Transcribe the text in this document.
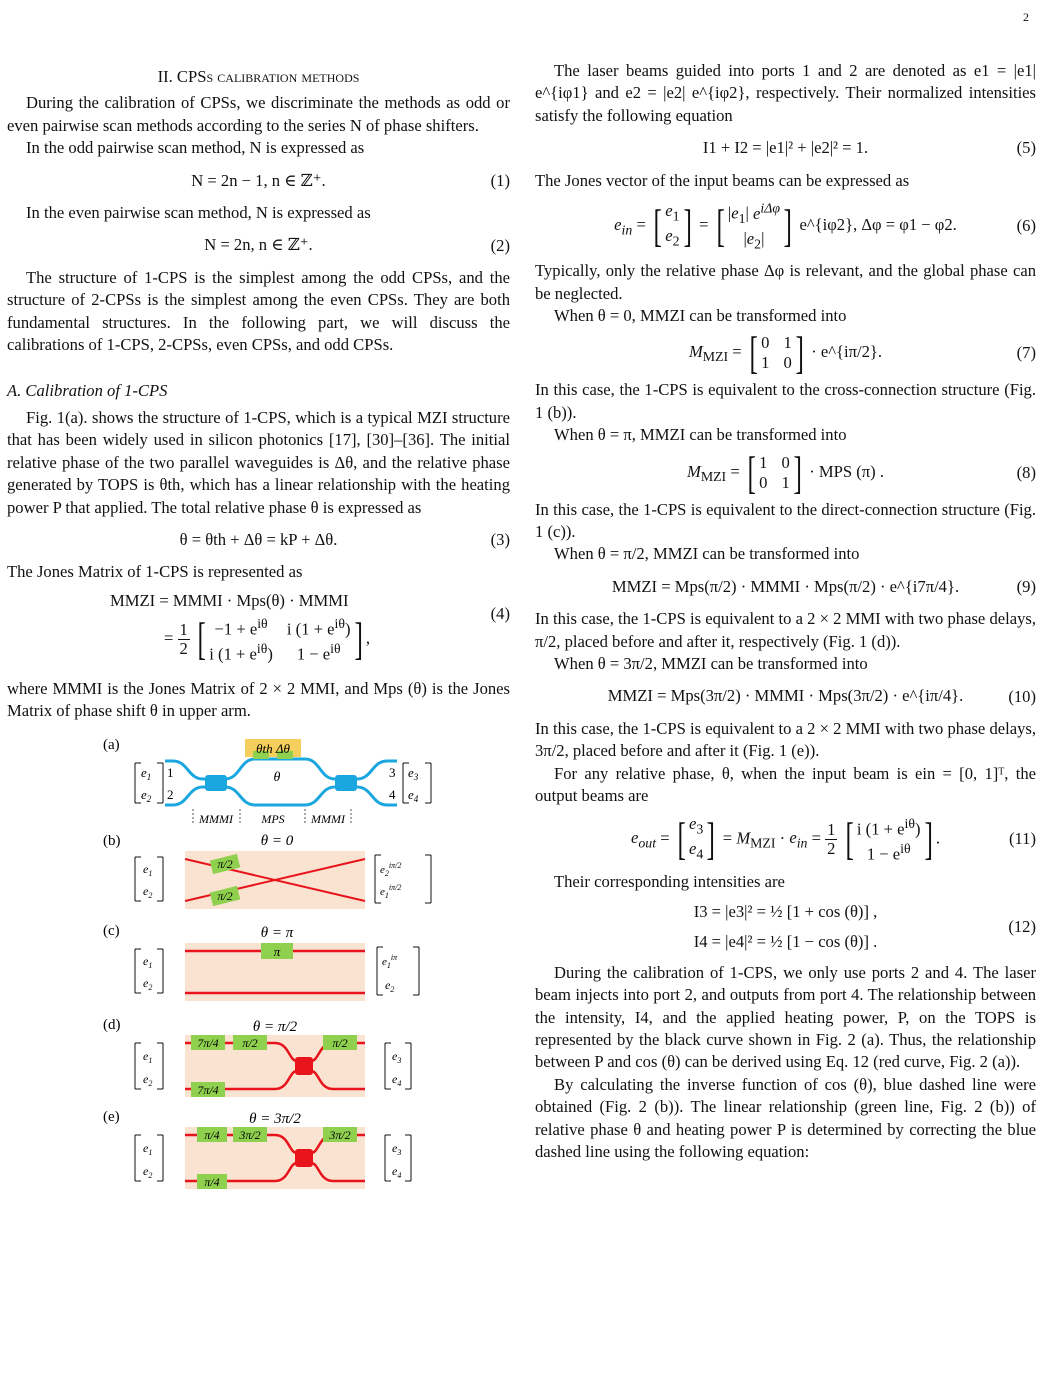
2

II. CPSs calibration methods

During the calibration of CPSs, we discriminate the methods as odd or even pairwise scan methods according to the series N of phase shifters.

In the odd pairwise scan method, N is expressed as

N = 2n − 1, n ∈ ℤ⁺.	(1)

In the even pairwise scan method, N is expressed as

N = 2n, n ∈ ℤ⁺.	(2)

The structure of 1-CPS is the simplest among the odd CPSs, and the structure of 2-CPSs is the simplest among the even CPSs. They are both fundamental structures. In the following part, we will discuss the calibrations of 1-CPS, 2-CPSs, even CPSs, and odd CPSs.

A. Calibration of 1-CPS

Fig. 1(a). shows the structure of 1-CPS, which is a typical MZI structure that has been widely used in silicon photonics [17], [30]–[36]. The initial relative phase of the two parallel waveguides is Δθ, and the relative phase generated by TOPS is θth, which has a linear relationship with the heating power P that applied. The total relative phase θ is expressed as

θ = θth + Δθ = kP + Δθ.	(3)

The Jones Matrix of 1-CPS is represented as

MMZI = MMMI · Mps(θ) · MMMI
= $\frac{1}{2}$
[ $-1 + e^{i\theta}$	i $(1 + e^{i\theta})$
i $(1 + e^{i\theta})$	$1 - e^{i\theta}$ ] ,
(4)

where MMMI is the Jones Matrix of 2 × 2 MMI, and Mps (θ) is the Jones Matrix of phase shift θ in upper arm.

(a)
$e_1$
$e_2$
1
2
θth Δθ
θ	3
4
$e_3$
$e_4$
MMMI MPS MMMI
(b)	θ = 0
π/2
π/2
$e_1$
$e_2$
$e_2^{i\pi/2}$
$e_1^{i\pi/2}$
(c)	θ = π
π
$e_1$
$e_2$
$e_1^{i\pi}$
$e_2$
(d)	θ = π/2
7π/4 π/2	π/2
7π/4
$e_1$
$e_2$
$e_3$
$e_4$
(e)	θ = 3π/2
π/4 3π/2	3π/2
π/4
$e_1$
$e_2$
$e_3$
$e_4$

The laser beams guided into ports 1 and 2 are denoted as e1 = |e1| e^{iφ1} and e2 = |e2| e^{iφ2}, respectively. Their normalized intensities satisfy the following equation

I1 + I2 = |e1|² + |e2|² = 1.	(5)

The Jones vector of the input beams can be expressed as

$e_{in}$ = [ $e_1$
$e_2$ ] = [ $|e_1|$ $e^{i\Delta\varphi}$
$|e_2|$ ] e^{iφ2}, Δφ = φ1 − φ2.	(6)

Typically, only the relative phase Δφ is relevant, and the global phase can be neglected.

When θ = 0, MMZI can be transformed into

$M_{MZI}$ = [ 0 1
1 0 ] · e^{iπ/2}.	(7)

In this case, the 1-CPS is equivalent to the cross-connection structure (Fig. 1 (b)).

When θ = π, MMZI can be transformed into

$M_{MZI}$ = [ 1 0
0 1 ] · MPS (π) .	(8)

In this case, the 1-CPS is equivalent to the direct-connection structure (Fig. 1 (c)).

When θ = π/2, MMZI can be transformed into

MMZI = Mps(π/2) · MMMI · Mps(π/2) · e^{i7π/4}.	(9)

In this case, the 1-CPS is equivalent to a 2 × 2 MMI with two phase delays, π/2, placed before and after it, respectively (Fig. 1 (d)).

When θ = 3π/2, MMZI can be transformed into

MMZI = Mps(3π/2) · MMMI · Mps(3π/2) · e^{iπ/4}.	(10)

In this case, the 1-CPS is equivalent to a 2 × 2 MMI with two phase delays, 3π/2, placed before and after it (Fig. 1 (e)).

For any relative phase, θ, when the input beam is ein = [0, 1]ᵀ, the output beams are

$e_{out}$ = [ $e_3$
$e_4$ ] = $M_{MZI} \cdot e_{in} = \frac{1}{2}$
[ i $(1 + e^{i\theta})$
$1 - e^{i\theta}$ ] .	(11)

Their corresponding intensities are

I3 = |e3|² = ½ [1 + cos (θ)] ,
I4 = |e4|² = ½ [1 − cos (θ)] .
(12)

During the calibration of 1-CPS, we only use ports 2 and 4. The laser beam injects into port 2, and outputs from port 4. The relationship between the intensity, I4, and the applied heating power, P, on the TOPS is represented by the black curve shown in Fig. 2 (a). Thus, the relationship between P and cos (θ) can be derived using Eq. 12 (red curve, Fig. 2 (a)).

By calculating the inverse function of cos (θ), blue dashed line were obtained (Fig. 2 (b)). The linear relationship (green line, Fig. 2 (b)) of relative phase θ and heating power P is determined by correcting the blue dashed line using the following equation:
